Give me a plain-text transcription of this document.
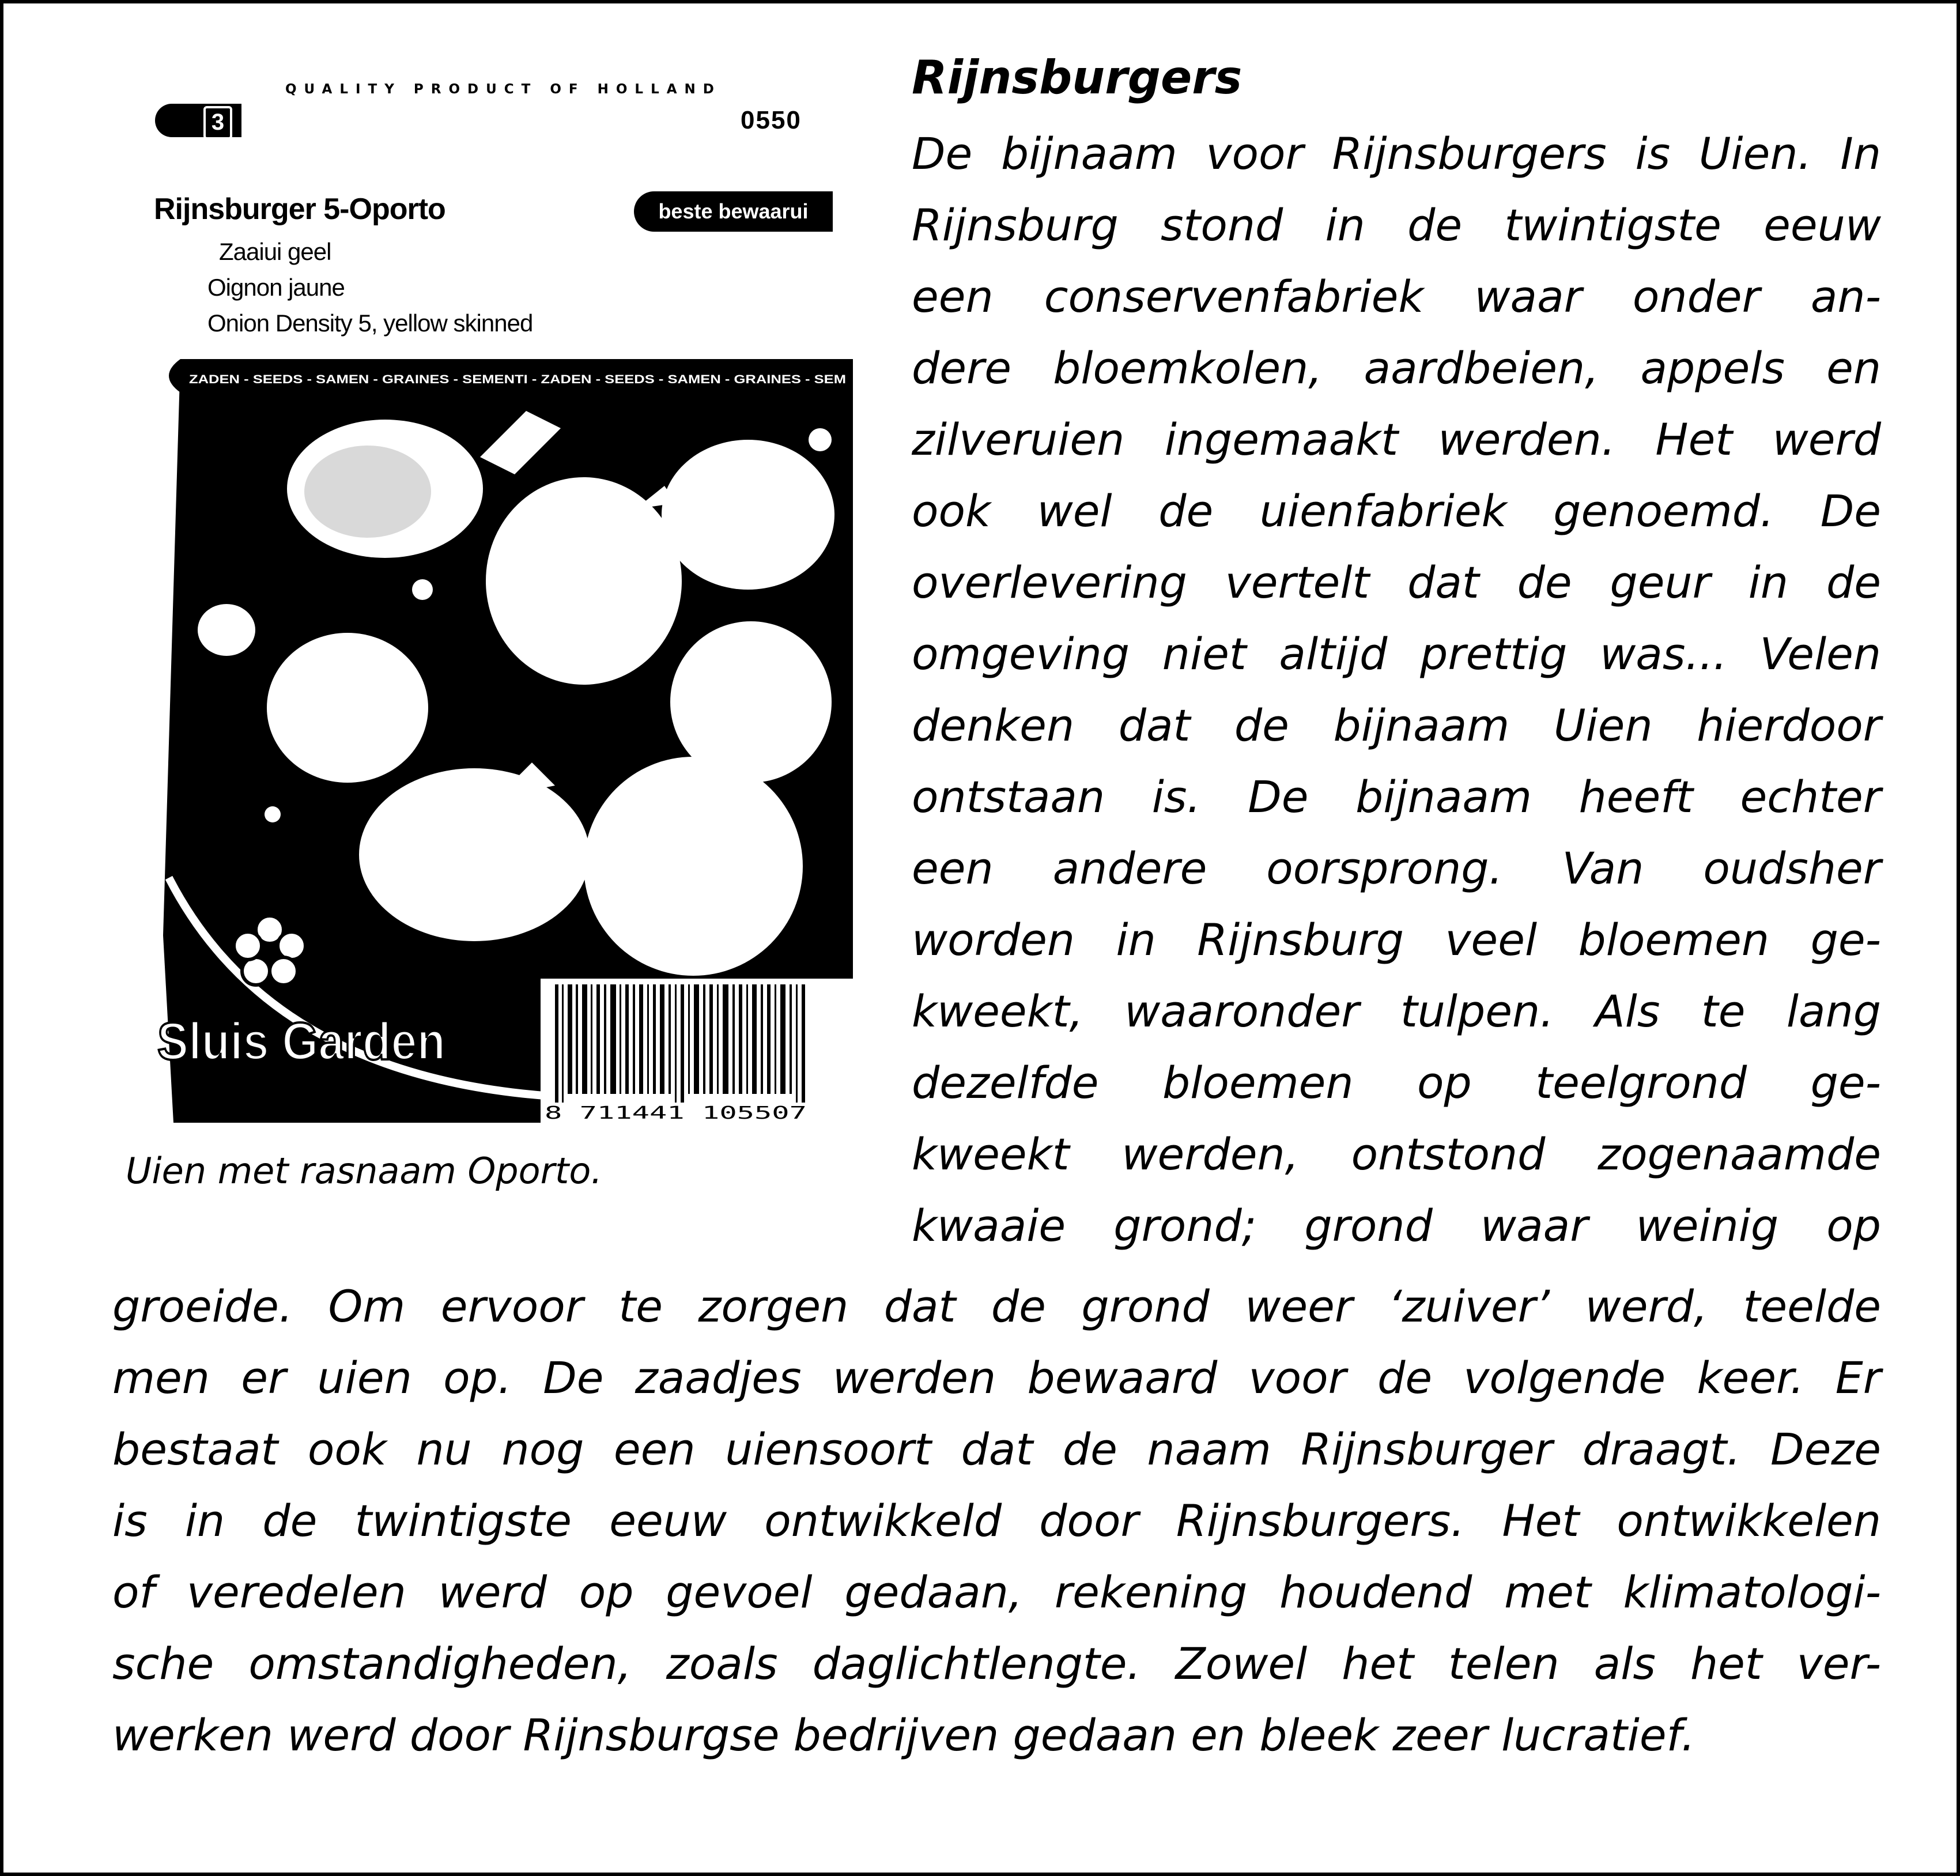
QUALITY PRODUCT OF HOLLAND
3	0550
Rijnsburger 5-Oporto	beste bewaarui
Zaaiui geel
Oignon jaune
Onion Density 5, yellow skinned
ZADEN - SEEDS - SAMEN - GRAINES - SEMENTI - ZADEN - SEEDS - SAMEN - GRAINES - SEM
Sluis Garden
8 711441 105507
Uien met rasnaam Oporto.
Rijnsburgers
De bijnaam voor Rijnsburgers is Uien. In
Rijnsburg stond in de twintigste eeuw
een conservenfabriek waar onder an-
dere bloemkolen, aardbeien, appels en
zilveruien ingemaakt werden. Het werd
ook wel de uienfabriek genoemd. De
overlevering vertelt dat de geur in de
omgeving niet altijd prettig was... Velen
denken dat de bijnaam Uien hierdoor
ontstaan is. De bijnaam heeft echter
een andere oorsprong. Van oudsher
worden in Rijnsburg veel bloemen ge-
kweekt, waaronder tulpen. Als te lang
dezelfde bloemen op teelgrond ge-
kweekt werden, ontstond zogenaamde
kwaaie grond; grond waar weinig op
groeide. Om ervoor te zorgen dat de grond weer ‘zuiver’ werd, teelde
men er uien op. De zaadjes werden bewaard voor de volgende keer. Er
bestaat ook nu nog een uiensoort dat de naam Rijnsburger draagt. Deze
is in de twintigste eeuw ontwikkeld door Rijnsburgers. Het ontwikkelen
of veredelen werd op gevoel gedaan, rekening houdend met klimatologi-
sche omstandigheden, zoals daglichtlengte. Zowel het telen als het ver-
werken werd door Rijnsburgse bedrijven gedaan en bleek zeer lucratief.
